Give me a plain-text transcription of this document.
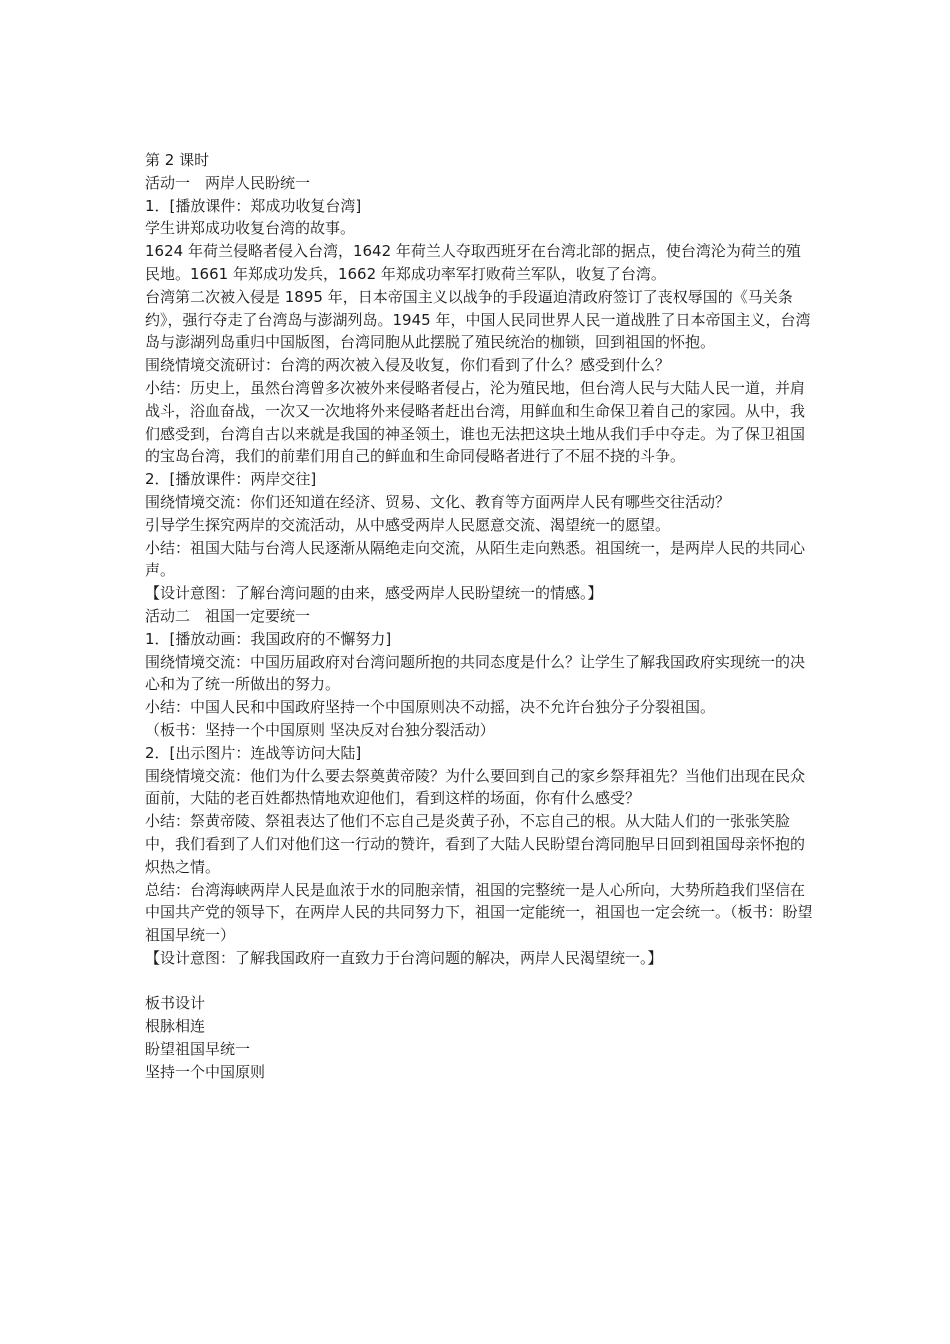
第 2 课时

活动一　两岸人民盼统一

1．[播放课件：郑成功收复台湾]

学生讲郑成功收复台湾的故事。

1624 年荷兰侵略者侵入台湾，1642 年荷兰人夺取西班牙在台湾北部的据点，使台湾沦为荷兰的殖民地。1661 年郑成功发兵，1662 年郑成功率军打败荷兰军队，收复了台湾。

台湾第二次被入侵是 1895 年，日本帝国主义以战争的手段逼迫清政府签订了丧权辱国的《马关条约》，强行夺走了台湾岛与澎湖列岛。1945 年，中国人民同世界人民一道战胜了日本帝国主义，台湾岛与澎湖列岛重归中国版图，台湾同胞从此摆脱了殖民统治的枷锁，回到祖国的怀抱。

围绕情境交流研讨：台湾的两次被入侵及收复，你们看到了什么？感受到什么？

小结：历史上，虽然台湾曾多次被外来侵略者侵占，沦为殖民地，但台湾人民与大陆人民一道，并肩战斗，浴血奋战，一次又一次地将外来侵略者赶出台湾，用鲜血和生命保卫着自己的家园。从中，我们感受到，台湾自古以来就是我国的神圣领土，谁也无法把这块土地从我们手中夺走。为了保卫祖国的宝岛台湾，我们的前辈们用自己的鲜血和生命同侵略者进行了不屈不挠的斗争。

2．[播放课件：两岸交往]

围绕情境交流：你们还知道在经济、贸易、文化、教育等方面两岸人民有哪些交往活动？

引导学生探究两岸的交流活动，从中感受两岸人民愿意交流、渴望统一的愿望。

小结：祖国大陆与台湾人民逐渐从隔绝走向交流，从陌生走向熟悉。祖国统一，是两岸人民的共同心声。

【设计意图：了解台湾问题的由来，感受两岸人民盼望统一的情感。】

活动二　祖国一定要统一

1．[播放动画：我国政府的不懈努力]

围绕情境交流：中国历届政府对台湾问题所抱的共同态度是什么？让学生了解我国政府实现统一的决心和为了统一所做出的努力。

小结：中国人民和中国政府坚持一个中国原则决不动摇，决不允许台独分子分裂祖国。

（板书：坚持一个中国原则 坚决反对台独分裂活动）

2．[出示图片：连战等访问大陆]

围绕情境交流：他们为什么要去祭奠黄帝陵？为什么要回到自己的家乡祭拜祖先？当他们出现在民众面前，大陆的老百姓都热情地欢迎他们，看到这样的场面，你有什么感受？

小结：祭黄帝陵、祭祖表达了他们不忘自己是炎黄子孙，不忘自己的根。从大陆人们的一张张笑脸中，我们看到了人们对他们这一行动的赞许，看到了大陆人民盼望台湾同胞早日回到祖国母亲怀抱的炽热之情。

总结：台湾海峡两岸人民是血浓于水的同胞亲情，祖国的完整统一是人心所向，大势所趋我们坚信在中国共产党的领导下，在两岸人民的共同努力下，祖国一定能统一，祖国也一定会统一。（板书：盼望祖国早统一）

【设计意图：了解我国政府一直致力于台湾问题的解决，两岸人民渴望统一。】

板书设计

根脉相连

盼望祖国早统一

坚持一个中国原则
